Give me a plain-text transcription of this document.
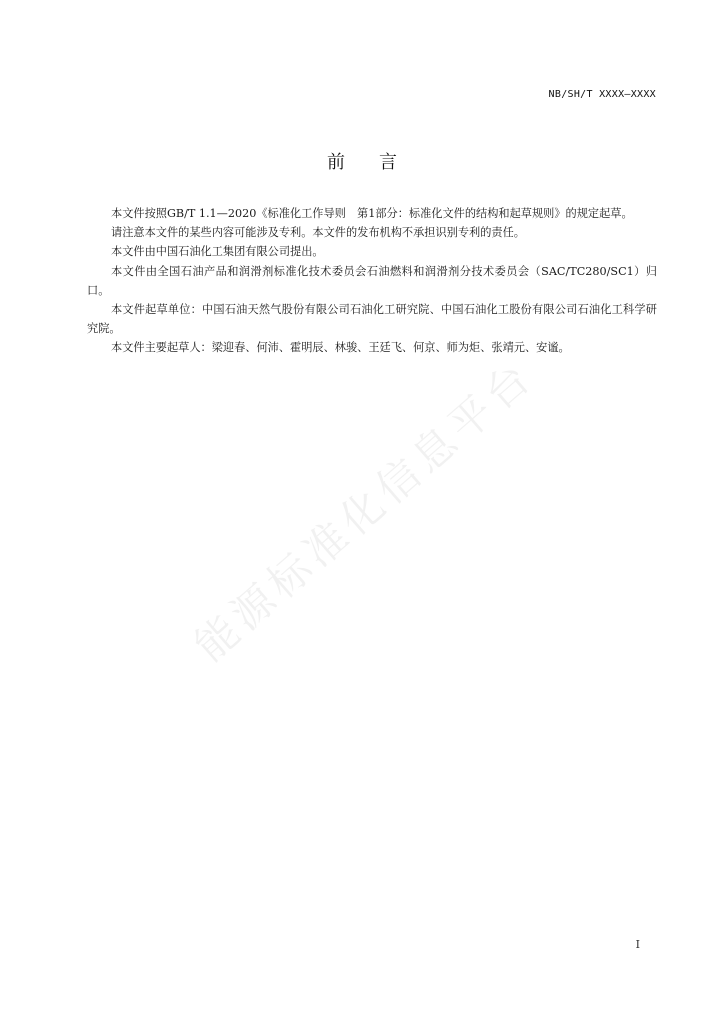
NB/SH/T XXXX—XXXX
前言

本文件按照GB/T 1.1—2020《标准化工作导则　第1部分：标准化文件的结构和起草规则》的规定起草。

请注意本文件的某些内容可能涉及专利。本文件的发布机构不承担识别专利的责任。

本文件由中国石油化工集团有限公司提出。

本文件由全国石油产品和润滑剂标准化技术委员会石油燃料和润滑剂分技术委员会（SAC/TC280/SC1）归口。

本文件起草单位：中国石油天然气股份有限公司石油化工研究院、中国石油化工股份有限公司石油化工科学研究院。

本文件主要起草人：梁迎春、何沛、霍明辰、林骏、王廷飞、何京、师为炬、张靖元、安谧。

能源标准化信息平台
I
